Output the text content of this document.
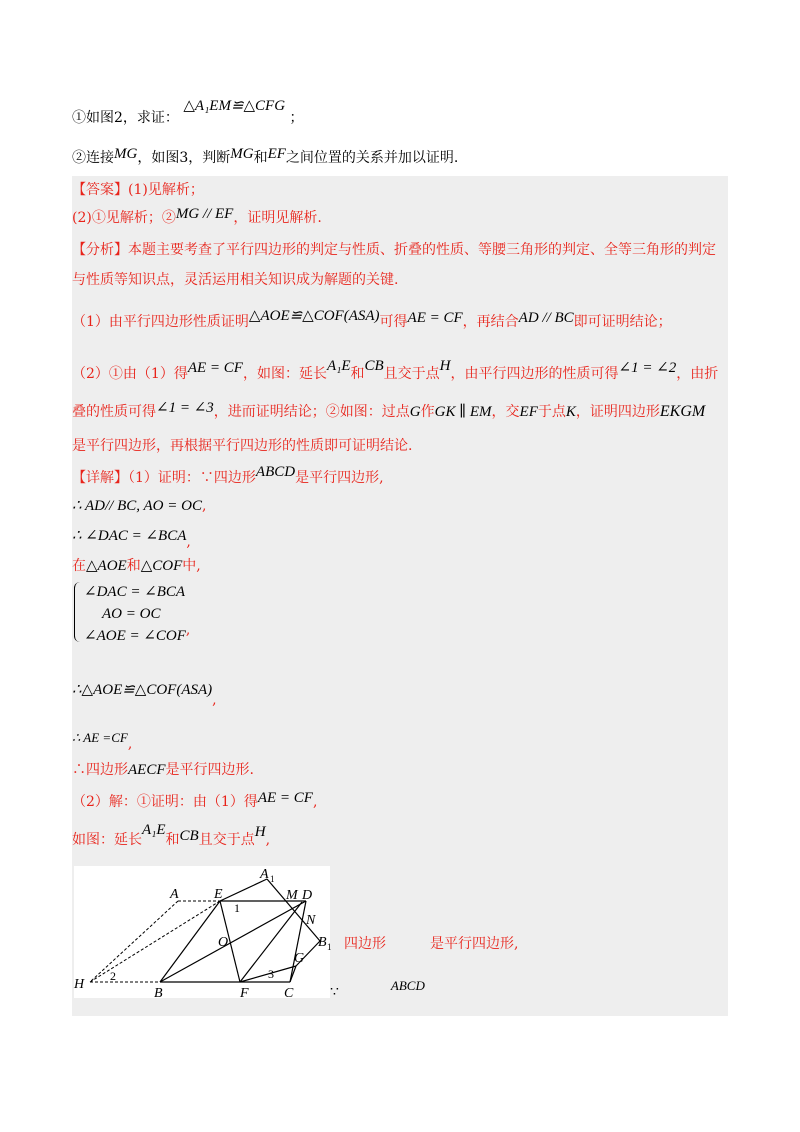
①如图2，求证： △A₁EM≌△CFG ；
②连接MG，如图3，判断MG和EF之间位置的关系并加以证明.
【答案】(1)见解析；
(2)①见解析；②MG // EF，证明见解析.
【分析】本题主要考查了平行四边形的判定与性质、折叠的性质、等腰三角形的判定、全等三角形的判定
与性质等知识点，灵活运用相关知识成为解题的关键.
（1）由平行四边形性质证明△AOE≌△COF(ASA)可得AE = CF，再结合AD // BC即可证明结论；
（2）①由（1）得AE = CF，如图：延长A₁E和CB且交于点H，由平行四边形的性质可得∠1 = ∠2，由折
叠的性质可得∠1 = ∠3，进而证明结论；②如图：过点G作GK ∥ EM，交EF于点K，证明四边形EKGM
是平行四边形，再根据平行四边形的性质即可证明结论.
【详解】（1）证明：∵四边形ABCD是平行四边形,
∴ AD// BC, AO = OC,
∴ ∠DAC = ∠BCA,
在△AOE和△COF中,
∠DAC = ∠BCA
AO = OC
∠AOE = ∠COF,
∴△AOE≌△COF(ASA),
∴ AE =CF,
∴四边形AECF是平行四边形.
（2）解：①证明：由（1）得AE = CF,
如图：延长A₁E和CB且交于点H,
A	E
A 1
M D
N
B 1
O
G
H
2
B	F
3
C
1
四边形	是平行四边形,
∵	ABCD
